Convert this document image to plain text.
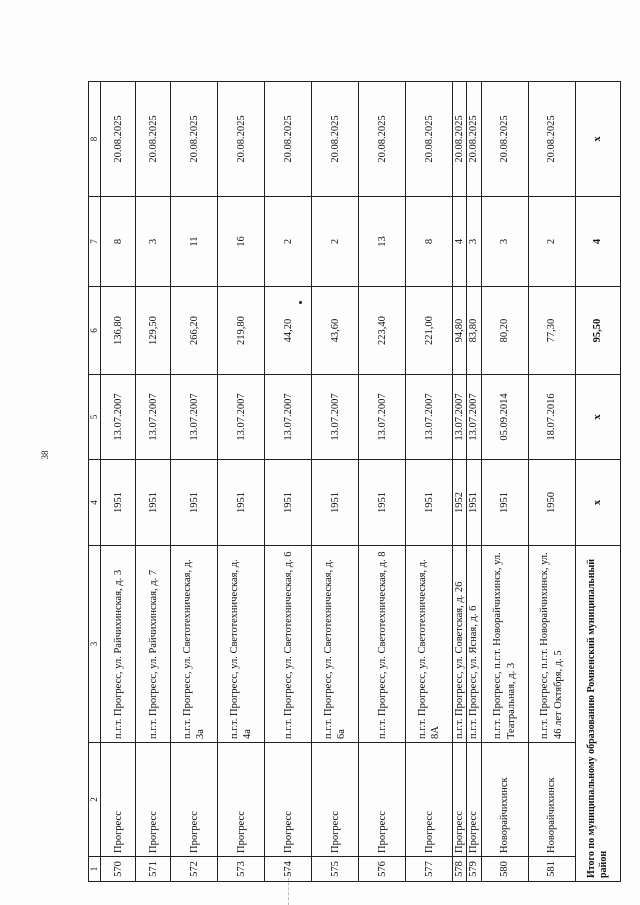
38
1	2	3	4	5	6	7	8
570	Прогресс	п.г.т. Прогресс, ул. Райчихинская, д. 3	1951	13.07.2007	136,80	8	20.08.2025
571	Прогресс	п.г.т. Прогресс, ул. Райчихинская, д. 7	1951	13.07.2007	129,50	3	20.08.2025
572	Прогресс	п.г.т. Прогресс, ул. Светотехническая, д. 3а	1951	13.07.2007	266,20	11	20.08.2025
573	Прогресс	п.г.т. Прогресс, ул. Светотехническая, д. 4а	1951	13.07.2007	219,80	16	20.08.2025
574	Прогресс	п.г.т. Прогресс, ул. Светотехническая, д. 6	1951	13.07.2007	44,20	2	20.08.2025
575	Прогресс	п.г.т. Прогресс, ул. Светотехническая, д. 6а	1951	13.07.2007	43,60	2	20.08.2025
576	Прогресс	п.г.т. Прогресс, ул. Светотехническая, д. 8	1951	13.07.2007	223,40	13	20.08.2025
577	Прогресс	п.г.т. Прогресс, ул. Светотехническая, д. 8А	1951	13.07.2007	221,00	8	20.08.2025
578	Прогресс	п.г.т. Прогресс, ул. Советская, д. 26	1952	13.07.2007	94,80	4	20.08.2025
579	Прогресс	п.г.т. Прогресс, ул. Ясная, д. 6	1951	13.07.2007	83,80	3	20.08.2025
580	Новорайчихинск	п.г.т. Прогресс, п.г.т. Новорайчихинск, ул. Театральная, д. 3	1951	05.09.2014	80,20	3	20.08.2025
581	Новорайчихинск	п.г.т. Прогресс, п.г.т. Новорайчихинск, ул. 46 лет Октября, д. 5	1950	18.07.2016	77,30	2	20.08.2025
Итого по муниципальному образованию Ромненский муниципальный район			х	х	95,50	4	х
